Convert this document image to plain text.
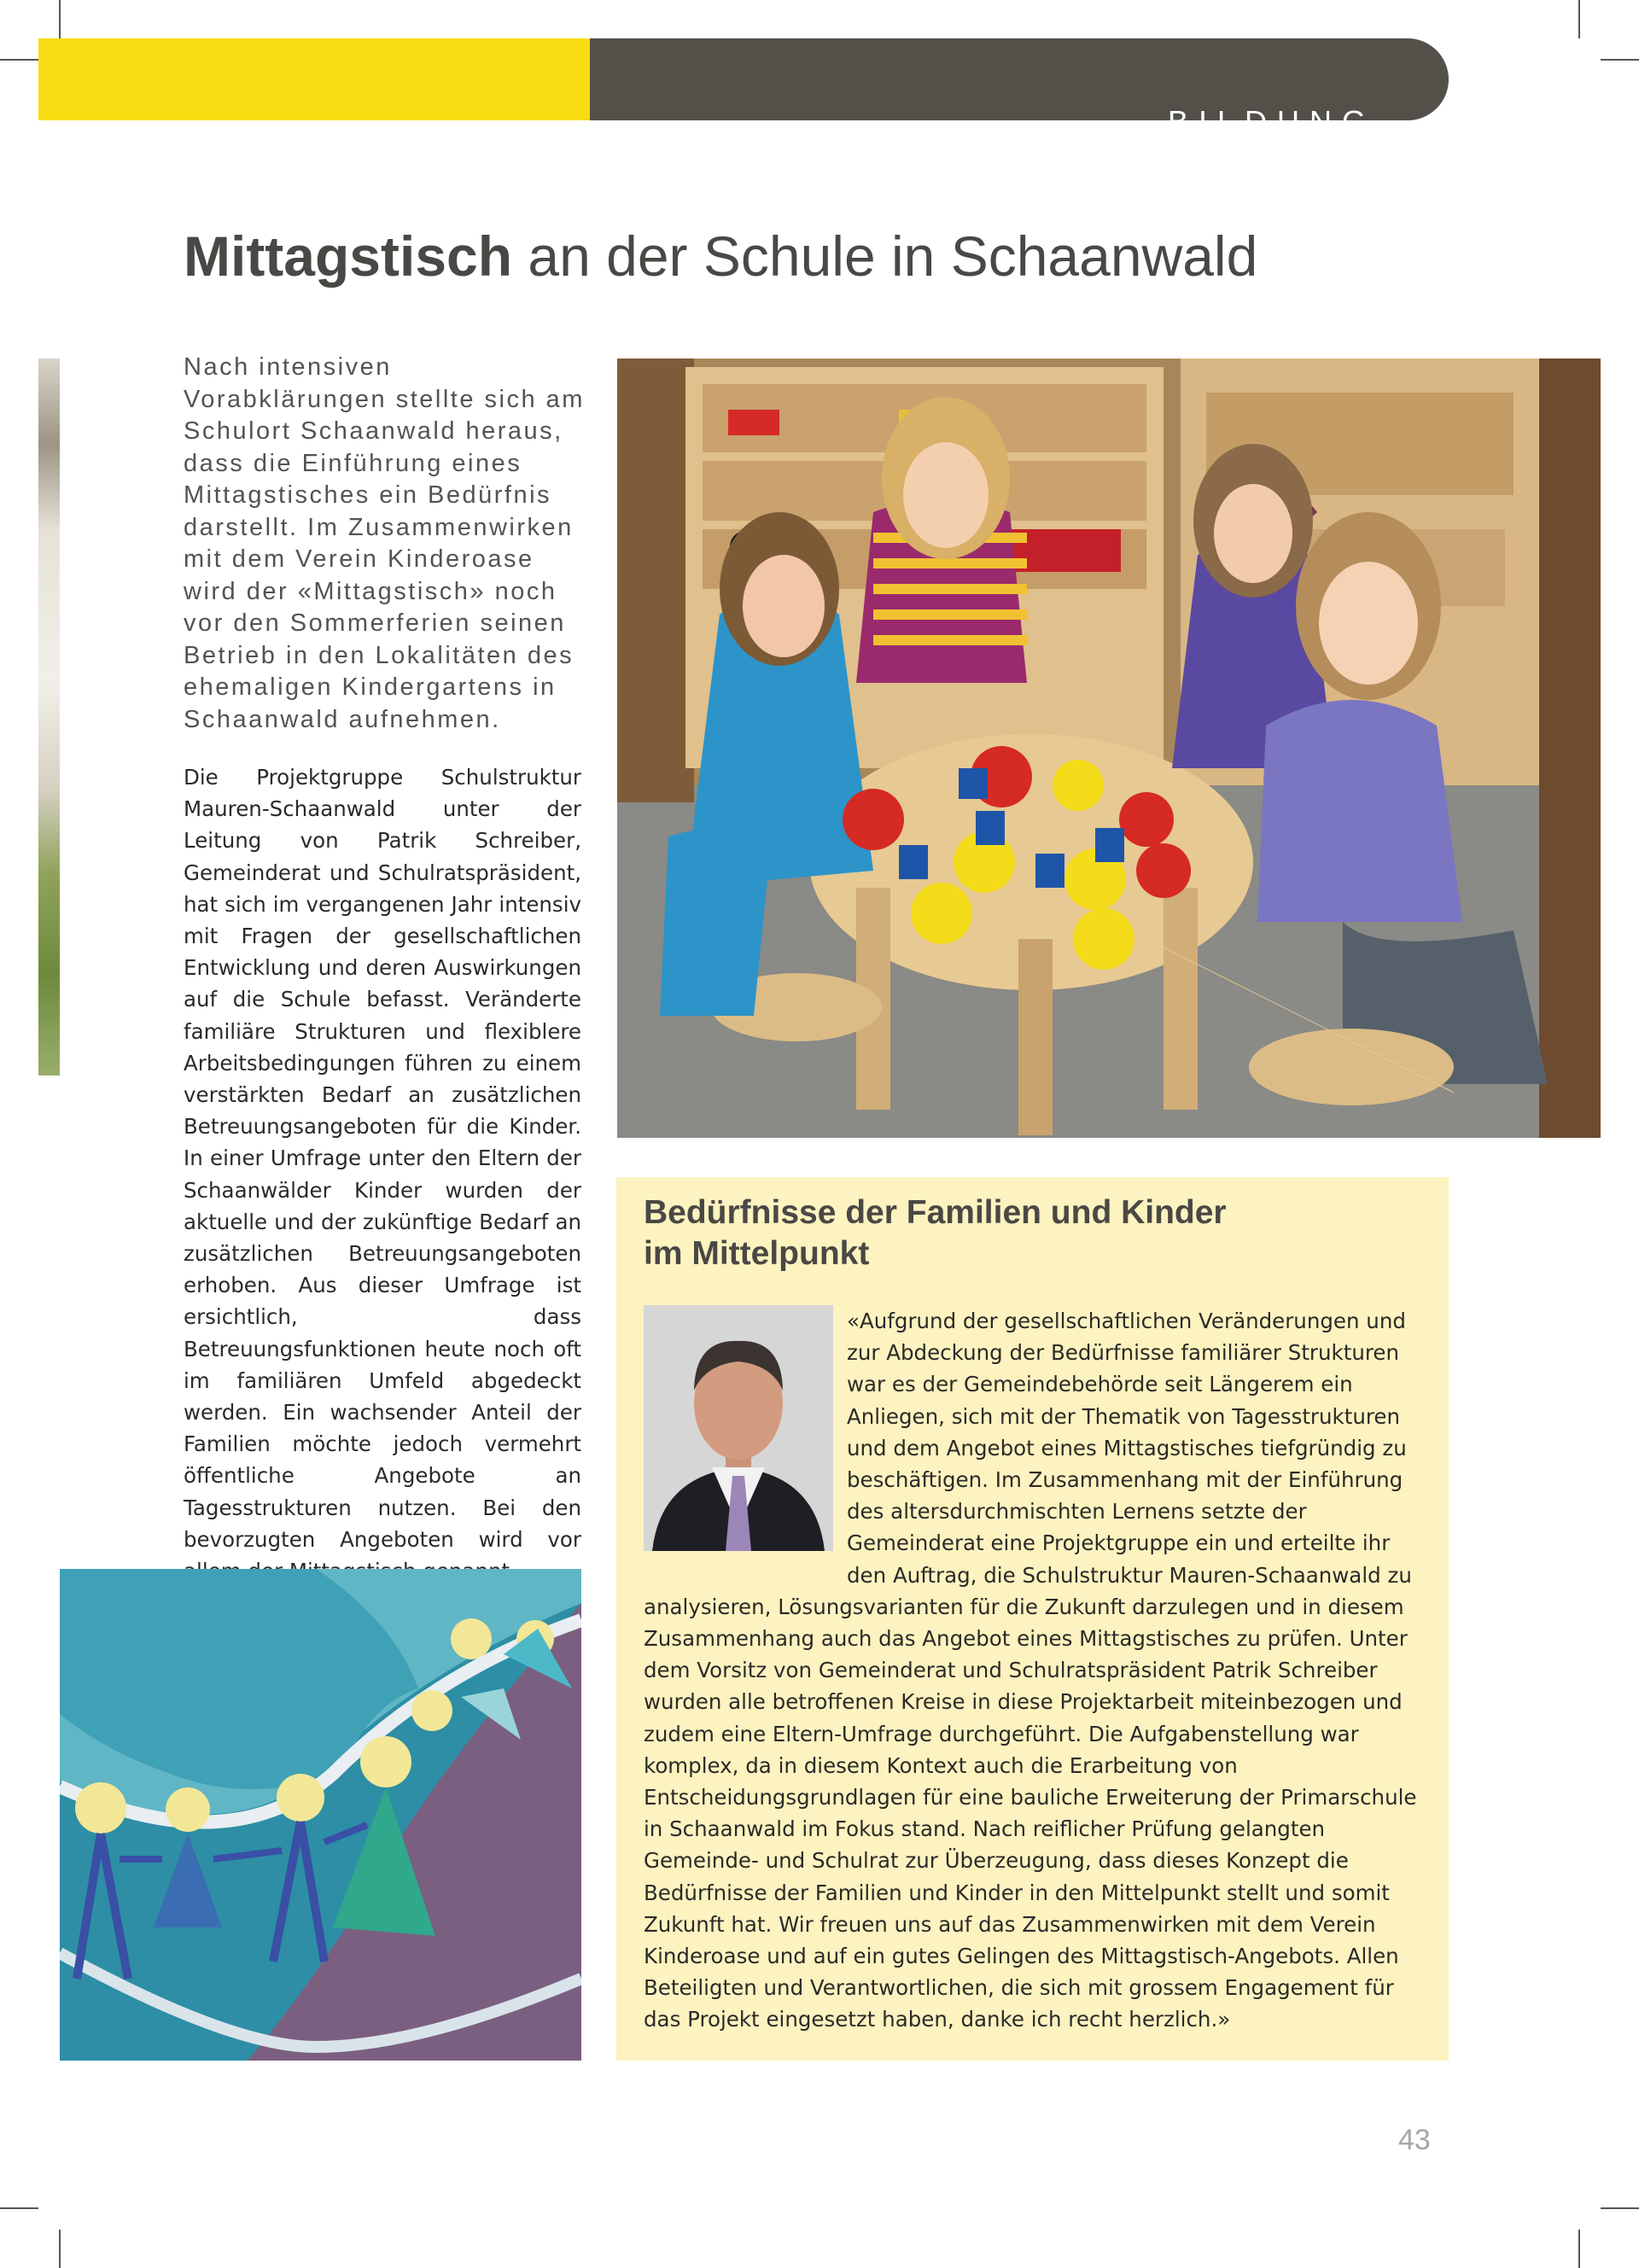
BILDUNG
Mittagstisch an der Schule in Schaanwald
Nach intensiven Vorabklärungen stellte sich am Schulort Schaanwald heraus, dass die Einführung eines Mittagstisches ein Bedürfnis darstellt. Im Zusammenwirken mit dem Verein Kinderoase wird der «Mittagstisch» noch vor den Sommerferien seinen Betrieb in den Lokalitäten des ehemaligen Kindergartens in Schaanwald aufnehmen.
Die Projektgruppe Schulstruktur Mauren-Schaanwald unter der Leitung von Patrik Schreiber, Gemeinderat und Schulratspräsident, hat sich im vergangenen Jahr intensiv mit Fragen der gesellschaftlichen Entwicklung und deren Auswirkungen auf die Schule befasst. Veränderte familiäre Strukturen und flexiblere Arbeitsbedingungen führen zu einem verstärkten Bedarf an zusätzlichen Betreuungsangeboten für die Kinder. In einer Umfrage unter den Eltern der Schaanwälder Kinder wurden der aktuelle und der zukünftige Bedarf an zusätzlichen Betreuungsangeboten erhoben. Aus dieser Umfrage ist ersichtlich, dass Betreuungsfunktionen heute noch oft im familiären Umfeld abgedeckt werden. Ein wachsender Anteil der Familien möchte jedoch vermehrt öffentliche Angebote an Tagesstrukturen nutzen. Bei den bevorzugten Angeboten wird vor
Bedürfnisse der Familien und Kinder
im Mittelpunkt
«Aufgrund der gesellschaftlichen Veränderungen und zur Abdeckung der Bedürfnisse familiärer Strukturen war es der Gemeindebehörde seit Längerem ein Anliegen, sich mit der Thematik von Tagesstrukturen und dem Angebot eines Mittagstisches tiefgründig zu beschäftigen. Im Zusammenhang mit der Einführung des altersdurchmischten Lernens setzte der Gemeinderat eine Projektgruppe ein und erteilte ihr den Auftrag, die Schulstruktur Mauren-Schaanwald zu analysieren, Lösungsvarianten für die Zukunft darzulegen und in diesem Zusammenhang auch das Angebot eines Mittagstisches zu prüfen. Unter dem Vorsitz von Gemeinderat und Schulratspräsident Patrik Schreiber wurden alle betroffenen Kreise in diese Projektarbeit miteinbezogen und zudem eine Eltern-Umfrage durchgeführt. Die Aufgabenstellung war komplex, da in diesem Kontext auch die Erarbeitung von Entscheidungsgrundlagen für eine bauliche Erweiterung der Primarschule in Schaanwald im Fokus stand. Nach reiflicher Prüfung gelangten Gemeinde- und Schulrat zur Überzeugung, dass dieses Konzept die Bedürfnisse der Familien und Kinder in den Mittelpunkt stellt und somit Zukunft hat. Wir freuen uns auf das Zusammenwirken mit dem Verein Kinderoase und auf ein gutes Gelingen des Mittagstisch-Angebots. Allen Beteiligten und Verantwortlichen, die sich mit grossem Engagement für das Projekt eingesetzt haben, danke ich recht herzlich.»
43
